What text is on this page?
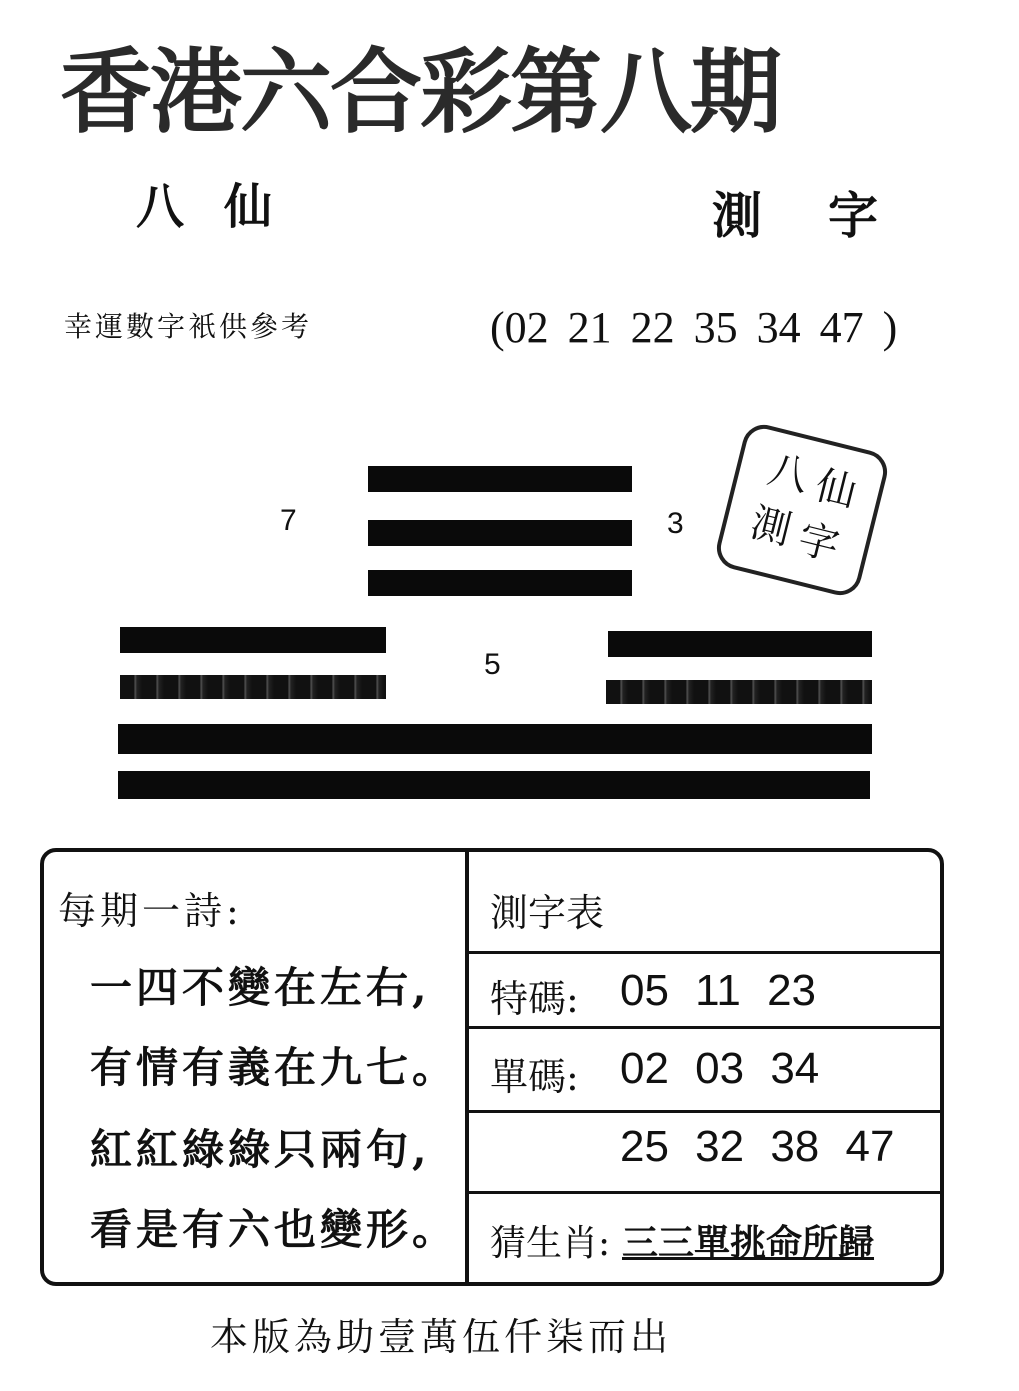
香港六合彩第八期
八仙	測字
幸運數字衹供參考	(02 21 22 35 34 47 )
7	3
5
八
仙
測
字
每期一詩:
一四不變在左右,
有情有義在九七。
紅紅綠綠只兩句,
看是有六也變形。
測字表
特碼: 05 11 23
單碼: 02 03 34
25 32 38 47
猜生肖: 三三單挑命所歸
本版為助壹萬伍仟柒而出
